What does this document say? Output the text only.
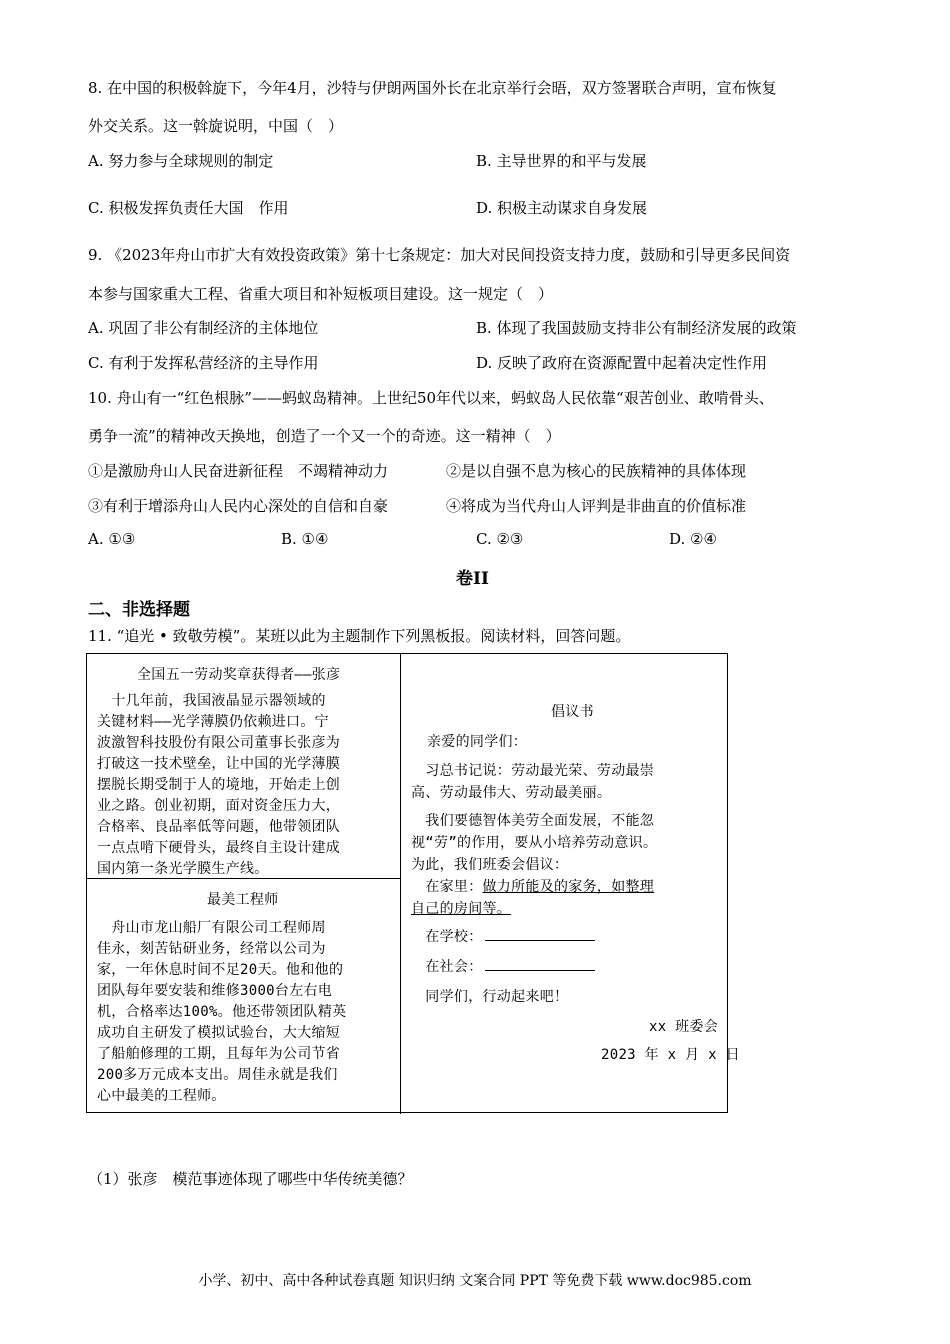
8. 在中国的积极斡旋下，今年4月，沙特与伊朗两国外长在北京举行会晤，双方签署联合声明，宣布恢复
外交关系。这一斡旋说明，中国（　）
A. 努力参与全球规则的制定	B. 主导世界的和平与发展
C. 积极发挥负责任大国　作用	D. 积极主动谋求自身发展
9. 《2023年舟山市扩大有效投资政策》第十七条规定：加大对民间投资支持力度，鼓励和引导更多民间资
本参与国家重大工程、省重大项目和补短板项目建设。这一规定（　）
A. 巩固了非公有制经济的主体地位	B. 体现了我国鼓励支持非公有制经济发展的政策
C. 有利于发挥私营经济的主导作用	D. 反映了政府在资源配置中起着决定性作用
10. 舟山有一“红色根脉”——蚂蚁岛精神。上世纪50年代以来，蚂蚁岛人民依靠“艰苦创业、敢啃骨头、
勇争一流”的精神改天换地，创造了一个又一个的奇迹。这一精神（　）
①是激励舟山人民奋进新征程　不竭精神动力	②是以自强不息为核心的民族精神的具体体现
③有利于增添舟山人民内心深处的自信和自豪	④将成为当代舟山人评判是非曲直的价值标准
A. ①③	B. ①④	C. ②③	D. ②④
卷II
二、非选择题
11. “追光 • 致敬劳模”。某班以此为主题制作下列黑板报。阅读材料，回答问题。
全国五一劳动奖章获得者——张彦
　十几年前，我国液晶显示器领域的
关键材料——光学薄膜仍依赖进口。宁
波激智科技股份有限公司董事长张彦为
打破这一技术壁垒，让中国的光学薄膜
摆脱长期受制于人的境地，开始走上创
业之路。创业初期，面对资金压力大，
合格率、良品率低等问题，他带领团队
一点点啃下硬骨头，最终自主设计建成
国内第一条光学膜生产线。
最美工程师
　舟山市龙山船厂有限公司工程师周
佳永，刻苦钻研业务，经常以公司为
家，一年休息时间不足20天。他和他的
团队每年要安装和维修3000台左右电
机，合格率达100%。他还带领团队精英
成功自主研发了模拟试验台，大大缩短
了船舶修理的工期，且每年为公司节省
200多万元成本支出。周佳永就是我们
心中最美的工程师。
倡议书
亲爱的同学们：
　习总书记说：劳动最光荣、劳动最崇
高、劳动最伟大、劳动最美丽。
　我们要德智体美劳全面发展，不能忽
视“劳”的作用，要从小培养劳动意识。
为此，我们班委会倡议：
　在家里：做力所能及的家务，如整理
自己的房间等。
　在学校：
　在社会：
　同学们，行动起来吧！
xx 班委会
2023 年 x 月 x 日
（1）张彦　模范事迹体现了哪些中华传统美德？
小学、初中、高中各种试卷真题 知识归纳 文案合同 PPT 等免费下载 www.doc985.com
